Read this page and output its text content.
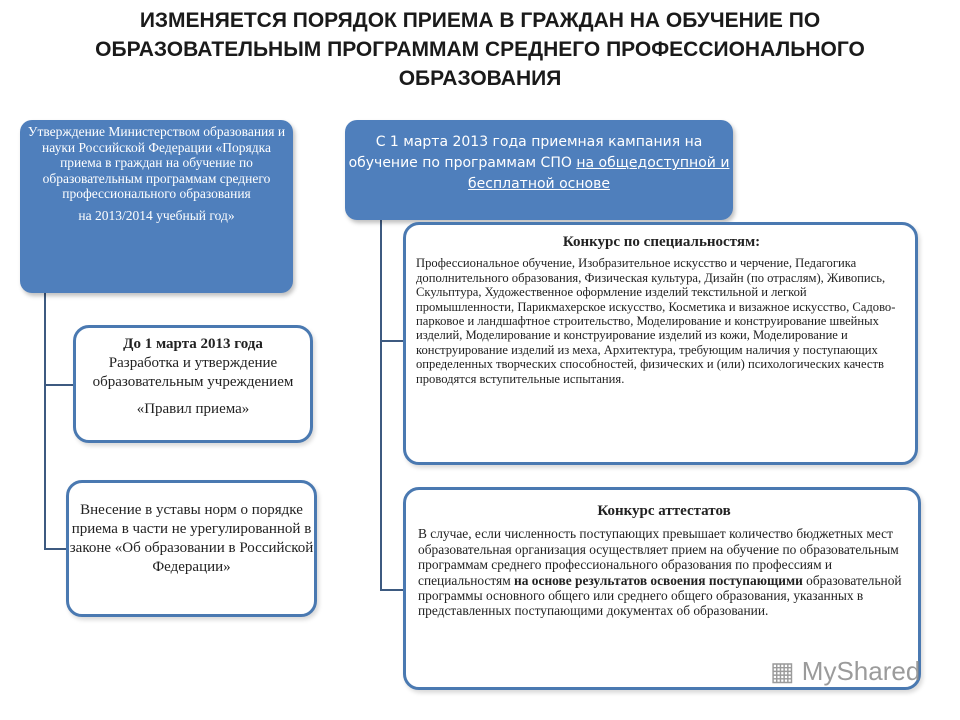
ИЗМЕНЯЕТСЯ ПОРЯДОК ПРИЕМА В ГРАЖДАН НА ОБУЧЕНИЕ ПО ОБРАЗОВАТЕЛЬНЫМ ПРОГРАММАМ СРЕДНЕГО ПРОФЕССИОНАЛЬНОГО ОБРАЗОВАНИЯ
Утверждение Министерством образования и науки Российской Федерации «Порядка приема в граждан на обучение по образовательным программам среднего профессионального образования
на 2013/2014 учебный год»
До 1 марта 2013 года
Разработка и утверждение образовательным учреждением
«Правил приема»
Внесение в уставы норм о порядке приема в части не урегулированной в законе «Об образовании в Российской Федерации»
С 1 марта 2013 года приемная кампания на обучение по программам СПО на общедоступной и бесплатной основе
Конкурс по специальностям:
Профессиональное обучение, Изобразительное искусство и черчение, Педагогика дополнительного образования, Физическая культура, Дизайн (по отраслям), Живопись, Скульптура, Художественное оформление изделий текстильной и легкой промышленности, Парикмахерское искусство, Косметика и визажное искусство, Садово-парковое и ландшафтное строительство, Моделирование и конструирование швейных изделий, Моделирование и конструирование изделий из кожи, Моделирование и конструирование изделий из меха, Архитектура, требующим наличия у поступающих определенных творческих способностей, физических и (или) психологических качеств проводятся вступительные испытания.
Конкурс аттестатов
В случае, если численность поступающих превышает количество бюджетных мест образовательная организация осуществляет прием на обучение по образовательным программам среднего профессионального образования по профессиям и специальностям на основе результатов освоения поступающими образовательной программы основного общего или среднего общего образования, указанных в представленных поступающими документах об образовании.
▦ MyShared
